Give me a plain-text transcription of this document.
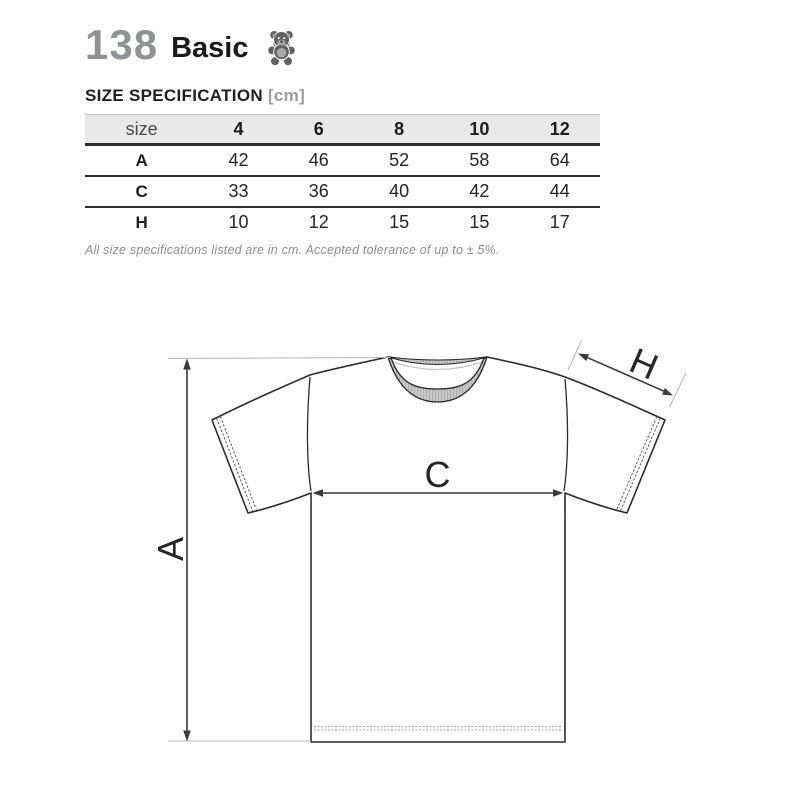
138 Basic
SIZE SPECIFICATION [cm]
size	4	6	8	10	12
A	42	46	52	58	64
C	33	36	40	42	44
H	10	12	15	15	17
All size specifications listed are in cm. Accepted tolerance of up to ± 5%.
A
C
H
